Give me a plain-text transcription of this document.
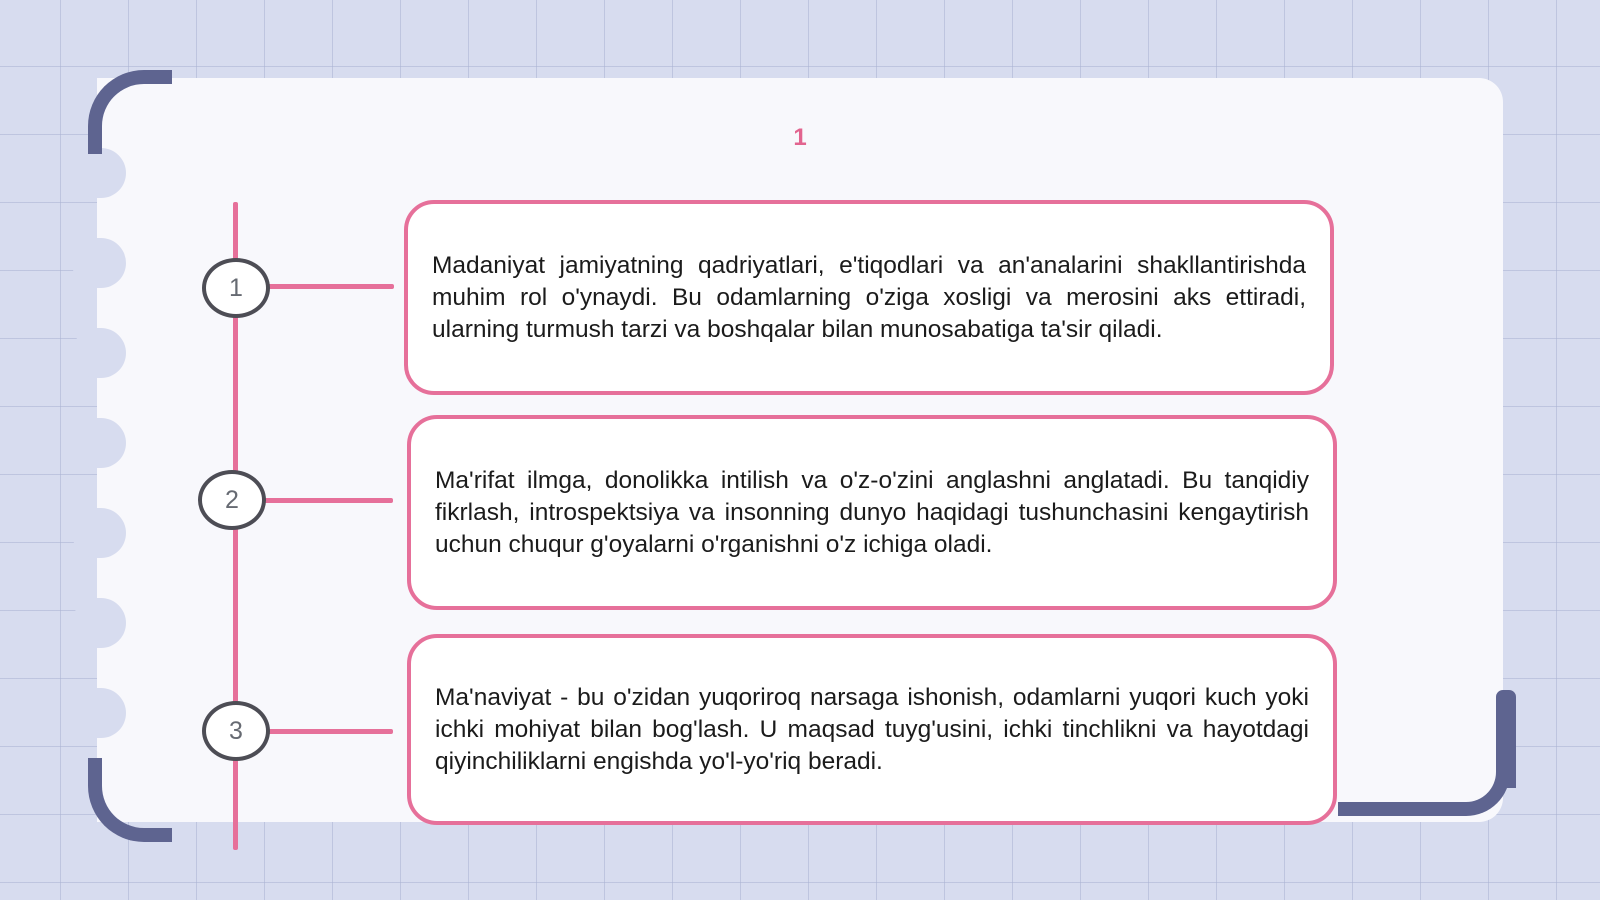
1
1

Madaniyat jamiyatning qadriyatlari, e'tiqodlari va an'analarini shakllantirishda muhim rol o'ynaydi. Bu odamlarning o'ziga xosligi va merosini aks ettiradi, ularning turmush tarzi va boshqalar bilan munosabatiga ta'sir qiladi.

2

Ma'rifat ilmga, donolikka intilish va o'z-o'zini anglashni anglatadi. Bu tanqidiy fikrlash, introspektsiya va insonning dunyo haqidagi tushunchasini kengaytirish uchun chuqur g'oyalarni o'rganishni o'z ichiga oladi.

3

Ma'naviyat - bu o'zidan yuqoriroq narsaga ishonish, odamlarni yuqori kuch yoki ichki mohiyat bilan bog'lash. U maqsad tuyg'usini, ichki tinchlikni va hayotdagi qiyinchiliklarni engishda yo'l-yo'riq beradi.
